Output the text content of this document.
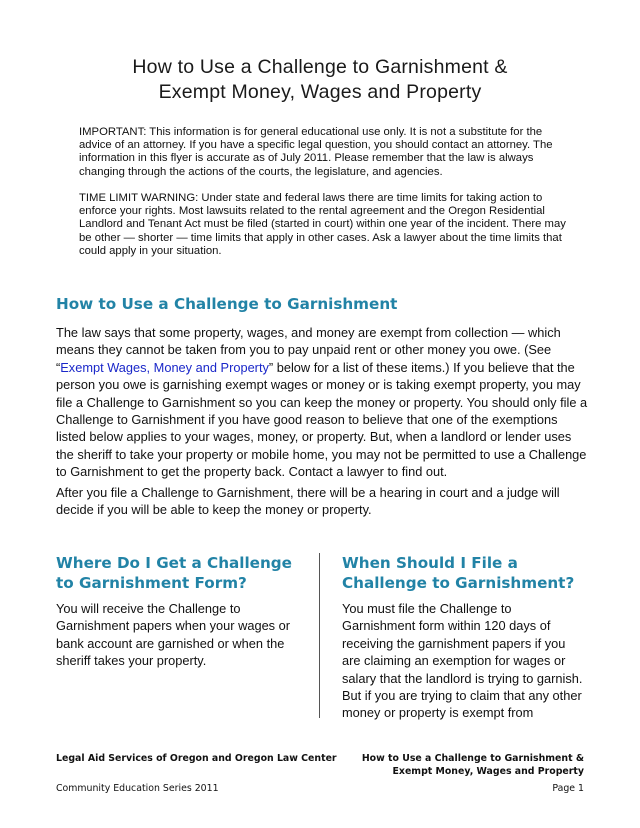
How to Use a Challenge to Garnishment &
Exempt Money, Wages and Property
IMPORTANT: This information is for general educational use only. It is not a substitute for the advice of an attorney. If you have a specific legal question, you should contact an attorney. The information in this flyer is accurate as of July 2011. Please remember that the law is always changing through the actions of the courts, the legislature, and agencies.
TIME LIMIT WARNING: Under state and federal laws there are time limits for taking action to enforce your rights. Most lawsuits related to the rental agreement and the Oregon Residential Landlord and Tenant Act must be filed (started in court) within one year of the incident. There may be other — shorter — time limits that apply in other cases. Ask a lawyer about the time limits that could apply in your situation.
How to Use a Challenge to Garnishment
The law says that some property, wages, and money are exempt from collection — which means they cannot be taken from you to pay unpaid rent or other money you owe. (See “Exempt Wages, Money and Property” below for a list of these items.) If you believe that the person you owe is garnishing exempt wages or money or is taking exempt property, you may file a Challenge to Garnishment so you can keep the money or property. You should only file a Challenge to Garnishment if you have good reason to believe that one of the exemptions listed below applies to your wages, money, or property. But, when a landlord or lender uses the sheriff to take your property or mobile home, you may not be permitted to use a Challenge to Garnishment to get the property back. Contact a lawyer to find out.
After you file a Challenge to Garnishment, there will be a hearing in court and a judge will decide if you will be able to keep the money or property.
Where Do I Get a Challenge to Garnishment Form?
You will receive the Challenge to Garnishment papers when your wages or bank account are garnished or when the sheriff takes your property.
When Should I File a Challenge to Garnishment?
You must file the Challenge to Garnishment form within 120 days of receiving the garnishment papers if you are claiming an exemption for wages or salary that the landlord is trying to garnish. But if you are trying to claim that any other money or property is exempt from
Legal Aid Services of Oregon and Oregon Law Center	How to Use a Challenge to Garnishment &
Exempt Money, Wages and Property
Community Education Series 2011	Page 1
